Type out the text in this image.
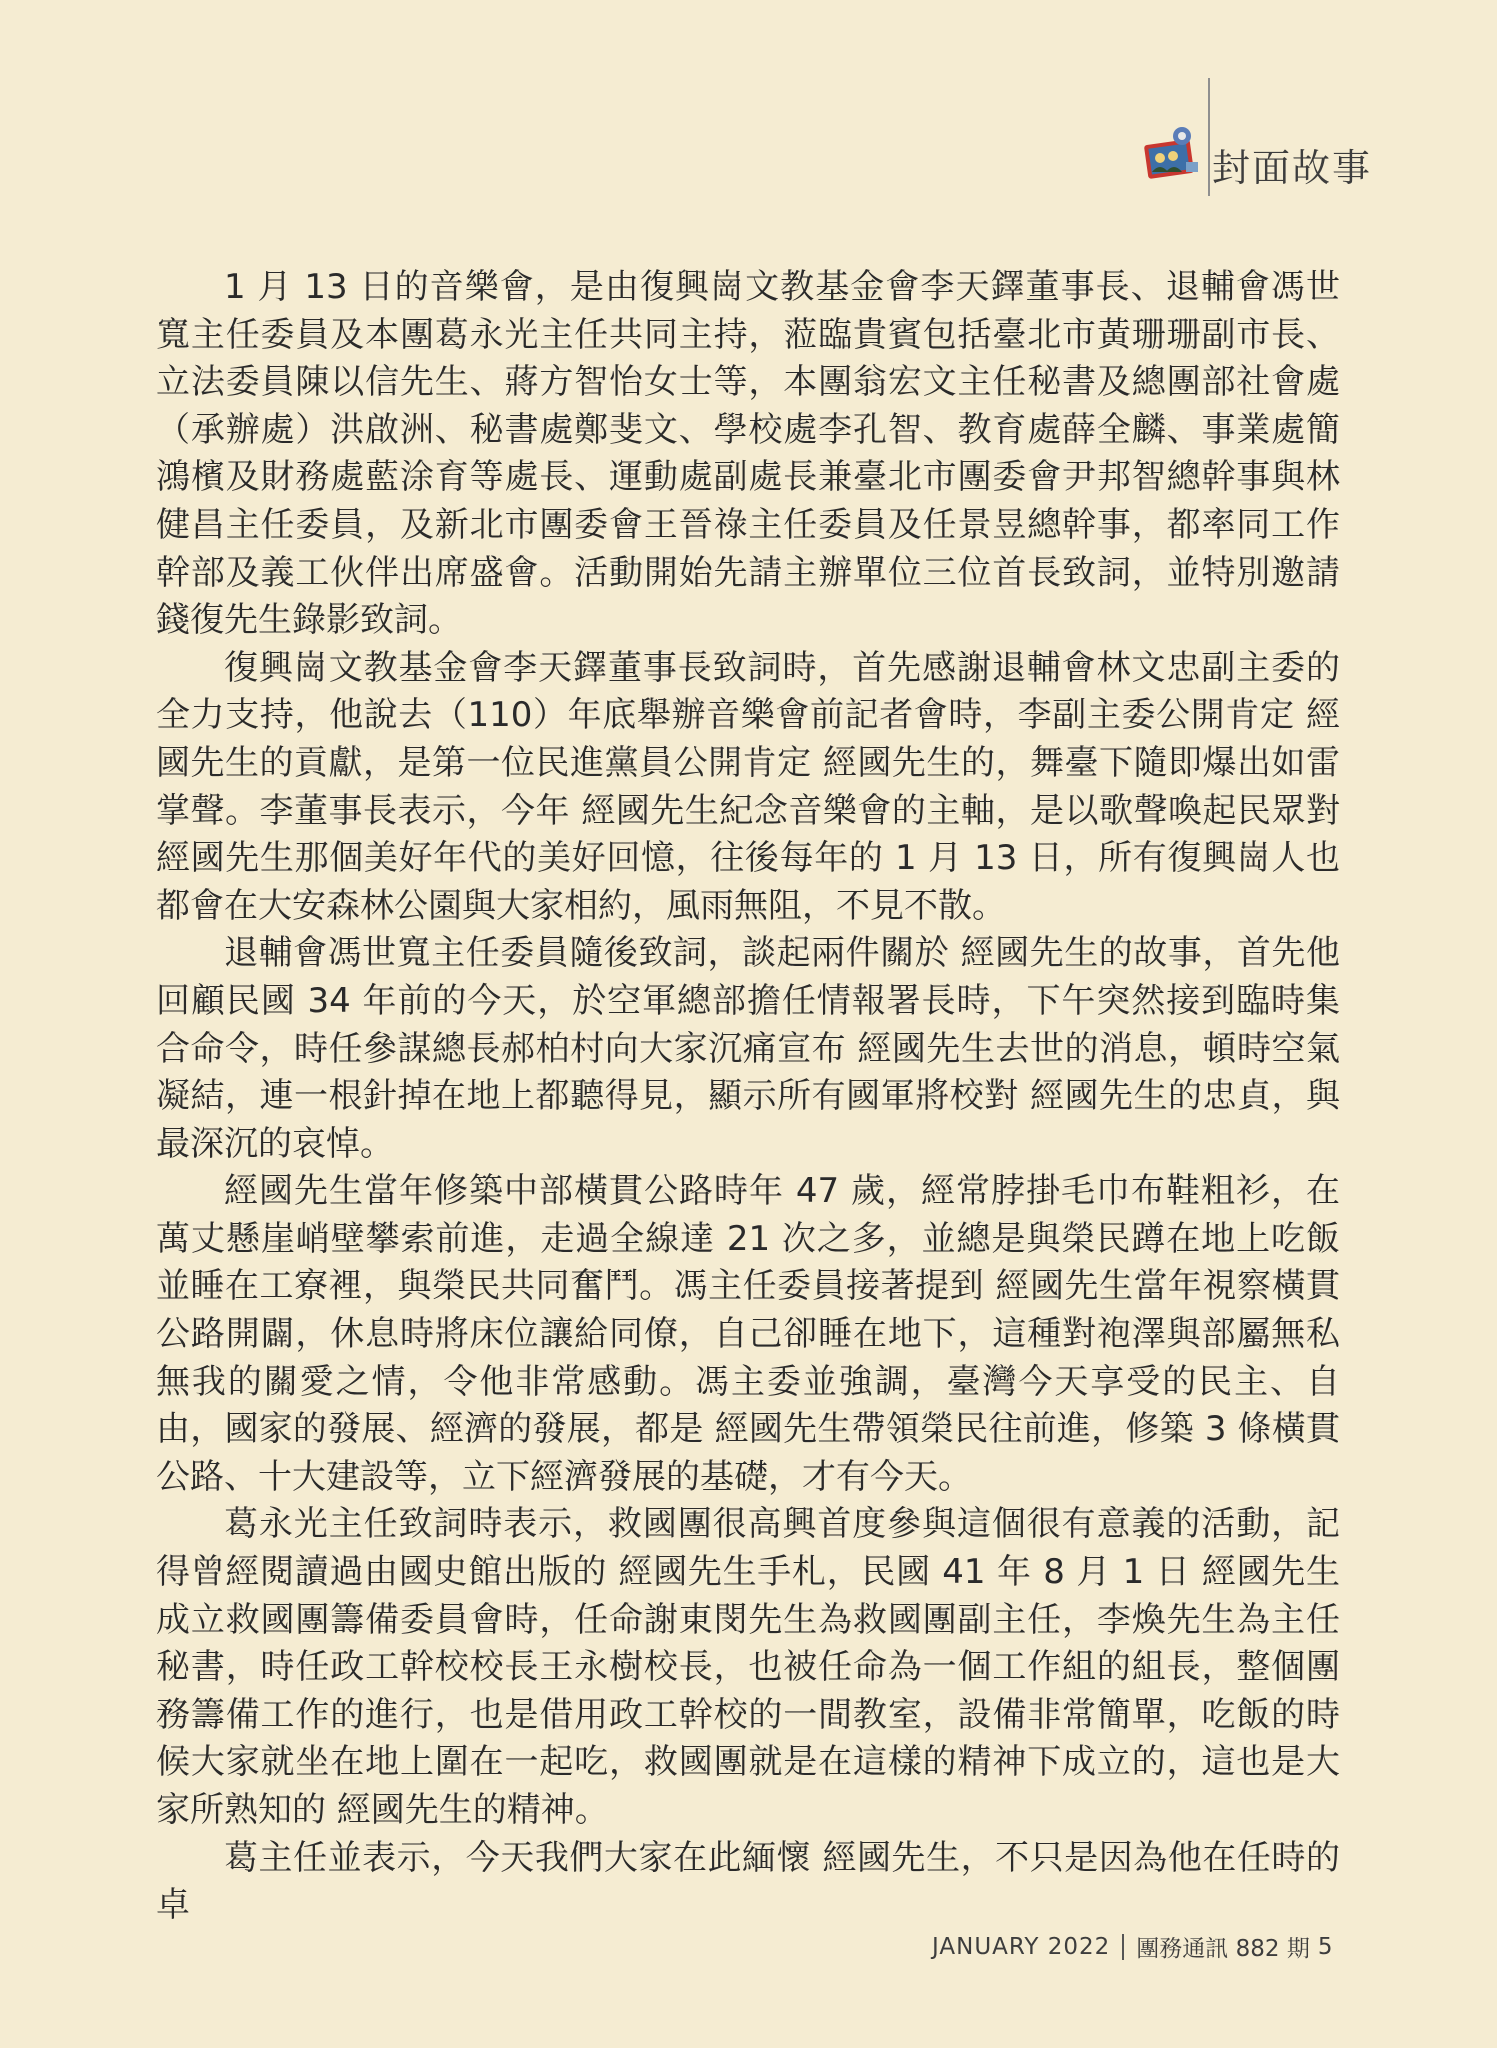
封面故事

1 月 13 日的音樂會，是由復興崗文教基金會李天鐸董事長、退輔會馮世寬主任委員及本團葛永光主任共同主持，蒞臨貴賓包括臺北市黃珊珊副市長、立法委員陳以信先生、蔣方智怡女士等，本團翁宏文主任秘書及總團部社會處（承辦處）洪啟洲、秘書處鄭斐文、學校處李孔智、教育處薛全麟、事業處簡鴻檳及財務處藍涂育等處長、運動處副處長兼臺北市團委會尹邦智總幹事與林健昌主任委員，及新北市團委會王晉祿主任委員及任景昱總幹事，都率同工作幹部及義工伙伴出席盛會。活動開始先請主辦單位三位首長致詞，並特別邀請錢復先生錄影致詞。

復興崗文教基金會李天鐸董事長致詞時，首先感謝退輔會林文忠副主委的全力支持，他說去（110）年底舉辦音樂會前記者會時，李副主委公開肯定 經國先生的貢獻，是第一位民進黨員公開肯定 經國先生的，舞臺下隨即爆出如雷掌聲。李董事長表示，今年 經國先生紀念音樂會的主軸，是以歌聲喚起民眾對 經國先生那個美好年代的美好回憶，往後每年的 1 月 13 日，所有復興崗人也都會在大安森林公園與大家相約，風雨無阻，不見不散。

退輔會馮世寬主任委員隨後致詞，談起兩件關於 經國先生的故事，首先他回顧民國 34 年前的今天，於空軍總部擔任情報署長時，下午突然接到臨時集合命令，時任參謀總長郝柏村向大家沉痛宣布 經國先生去世的消息，頓時空氣凝結，連一根針掉在地上都聽得見，顯示所有國軍將校對 經國先生的忠貞，與最深沉的哀悼。

經國先生當年修築中部橫貫公路時年 47 歲，經常脖掛毛巾布鞋粗衫，在萬丈懸崖峭壁攀索前進，走過全線達 21 次之多，並總是與榮民蹲在地上吃飯並睡在工寮裡，與榮民共同奮鬥。馮主任委員接著提到 經國先生當年視察橫貫公路開闢，休息時將床位讓給同僚，自己卻睡在地下，這種對袍澤與部屬無私無我的關愛之情，令他非常感動。馮主委並強調，臺灣今天享受的民主、自由，國家的發展、經濟的發展，都是 經國先生帶領榮民往前進，修築 3 條橫貫公路、十大建設等，立下經濟發展的基礎，才有今天。

葛永光主任致詞時表示，救國團很高興首度參與這個很有意義的活動，記得曾經閱讀過由國史館出版的 經國先生手札，民國 41 年 8 月 1 日 經國先生成立救國團籌備委員會時，任命謝東閔先生為救國團副主任，李煥先生為主任秘書，時任政工幹校校長王永樹校長，也被任命為一個工作組的組長，整個團務籌備工作的進行，也是借用政工幹校的一間教室，設備非常簡單，吃飯的時候大家就坐在地上圍在一起吃，救國團就是在這樣的精神下成立的，這也是大家所熟知的 經國先生的精神。

葛主任並表示，今天我們大家在此緬懷 經國先生，不只是因為他在任時的卓

JANUARY 2022 團務通訊 882 期 5
